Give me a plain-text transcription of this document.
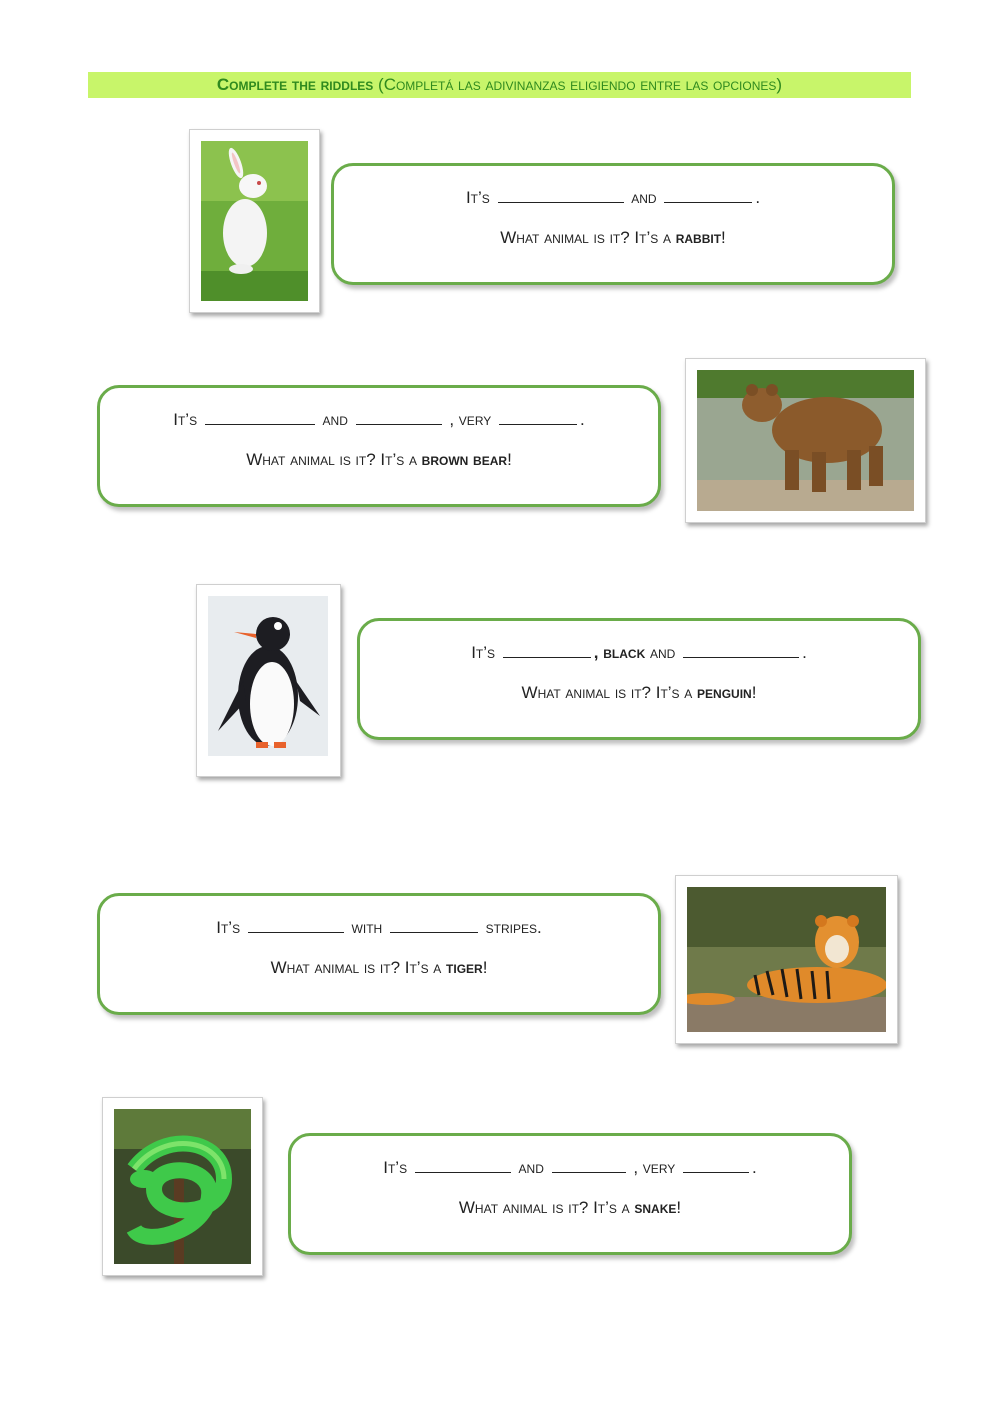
Complete the riddles (Completá las adivinanzas eligiendo entre las opciones)
It’s	and	.
What animal is it? It’s a rabbit!
It’s	and	, very	.
What animal is it? It’s a brown bear!
It’s	, black and	.
What animal is it? It’s a penguin!
It’s	with	stripes.
What animal is it? It’s a tiger!
It’s	and	, very	.
What animal is it? It’s a snake!
